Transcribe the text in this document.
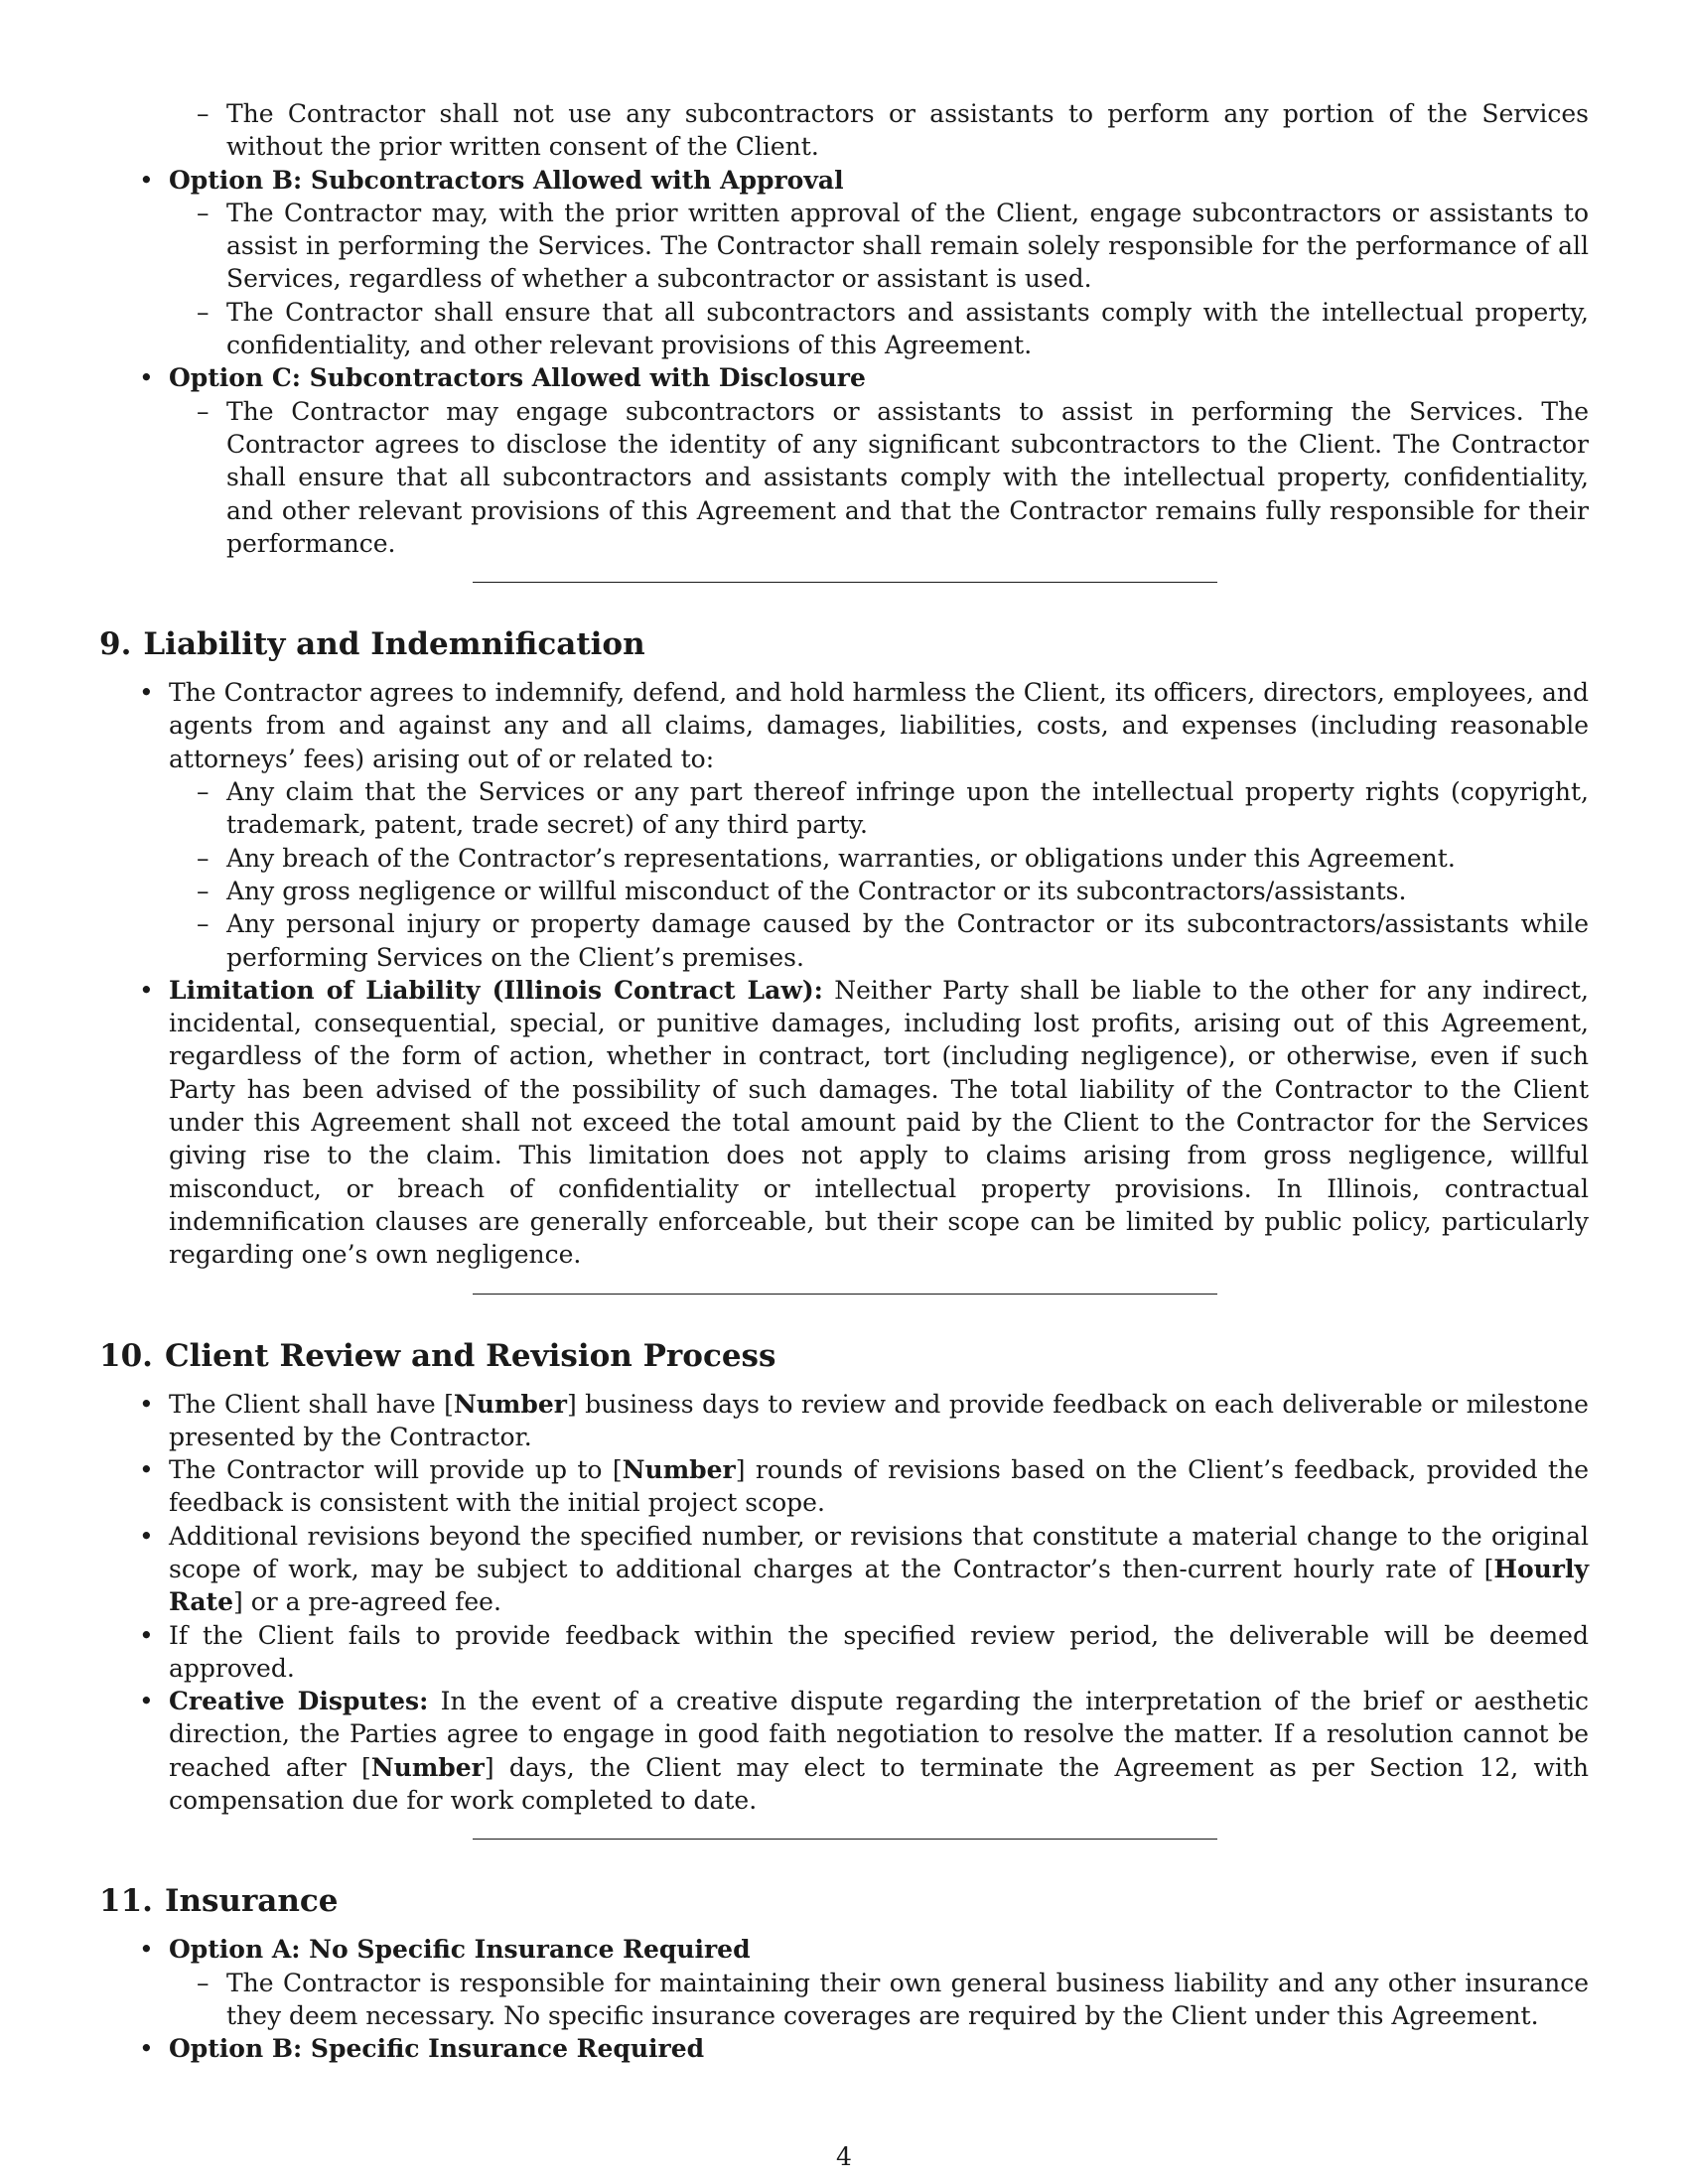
– The Contractor shall not use any subcontractors or assistants to perform any portion of the Services without the prior written consent of the Client.
• Option B: Subcontractors Allowed with Approval
– The Contractor may, with the prior written approval of the Client, engage subcontractors or assistants to assist in performing the Services. The Contractor shall remain solely responsible for the performance of all Services, regardless of whether a subcontractor or assistant is used.
– The Contractor shall ensure that all subcontractors and assistants comply with the intellectual property, confidentiality, and other relevant provisions of this Agreement.
• Option C: Subcontractors Allowed with Disclosure
– The Contractor may engage subcontractors or assistants to assist in performing the Services. The Contractor agrees to disclose the identity of any significant subcontractors to the Client. The Contractor shall ensure that all subcontractors and assistants comply with the intellectual property, confidentiality, and other relevant provisions of this Agreement and that the Contractor remains fully responsible for their performance.
9. Liability and Indemnification
• The Contractor agrees to indemnify, defend, and hold harmless the Client, its officers, directors, employees, and agents from and against any and all claims, damages, liabilities, costs, and expenses (including reasonable attorneys’ fees) arising out of or related to:
– Any claim that the Services or any part thereof infringe upon the intellectual property rights (copyright, trademark, patent, trade secret) of any third party.
– Any breach of the Contractor’s representations, warranties, or obligations under this Agreement.
– Any gross negligence or willful misconduct of the Contractor or its subcontractors/assistants.
– Any personal injury or property damage caused by the Contractor or its subcontractors/assistants while performing Services on the Client’s premises.
• Limitation of Liability (Illinois Contract Law): Neither Party shall be liable to the other for any indirect, incidental, consequential, special, or punitive damages, including lost profits, arising out of this Agreement, regardless of the form of action, whether in contract, tort (including negligence), or otherwise, even if such Party has been advised of the possibility of such damages. The total liability of the Contractor to the Client under this Agreement shall not exceed the total amount paid by the Client to the Contractor for the Services giving rise to the claim. This limitation does not apply to claims arising from gross negligence, willful misconduct, or breach of confidentiality or intellectual property provisions. In Illinois, contractual indemnification clauses are generally enforceable, but their scope can be limited by public policy, particularly regarding one’s own negligence.
10. Client Review and Revision Process
• The Client shall have [Number] business days to review and provide feedback on each deliverable or milestone presented by the Contractor.
• The Contractor will provide up to [Number] rounds of revisions based on the Client’s feedback, provided the feedback is consistent with the initial project scope.
• Additional revisions beyond the specified number, or revisions that constitute a material change to the original scope of work, may be subject to additional charges at the Contractor’s then-current hourly rate of [Hourly Rate] or a pre-agreed fee.
• If the Client fails to provide feedback within the specified review period, the deliverable will be deemed approved.
• Creative Disputes: In the event of a creative dispute regarding the interpretation of the brief or aesthetic direction, the Parties agree to engage in good faith negotiation to resolve the matter. If a resolution cannot be reached after [Number] days, the Client may elect to terminate the Agreement as per Section 12, with compensation due for work completed to date.
11. Insurance
• Option A: No Specific Insurance Required
– The Contractor is responsible for maintaining their own general business liability and any other insurance they deem necessary. No specific insurance coverages are required by the Client under this Agreement.
• Option B: Specific Insurance Required
4
